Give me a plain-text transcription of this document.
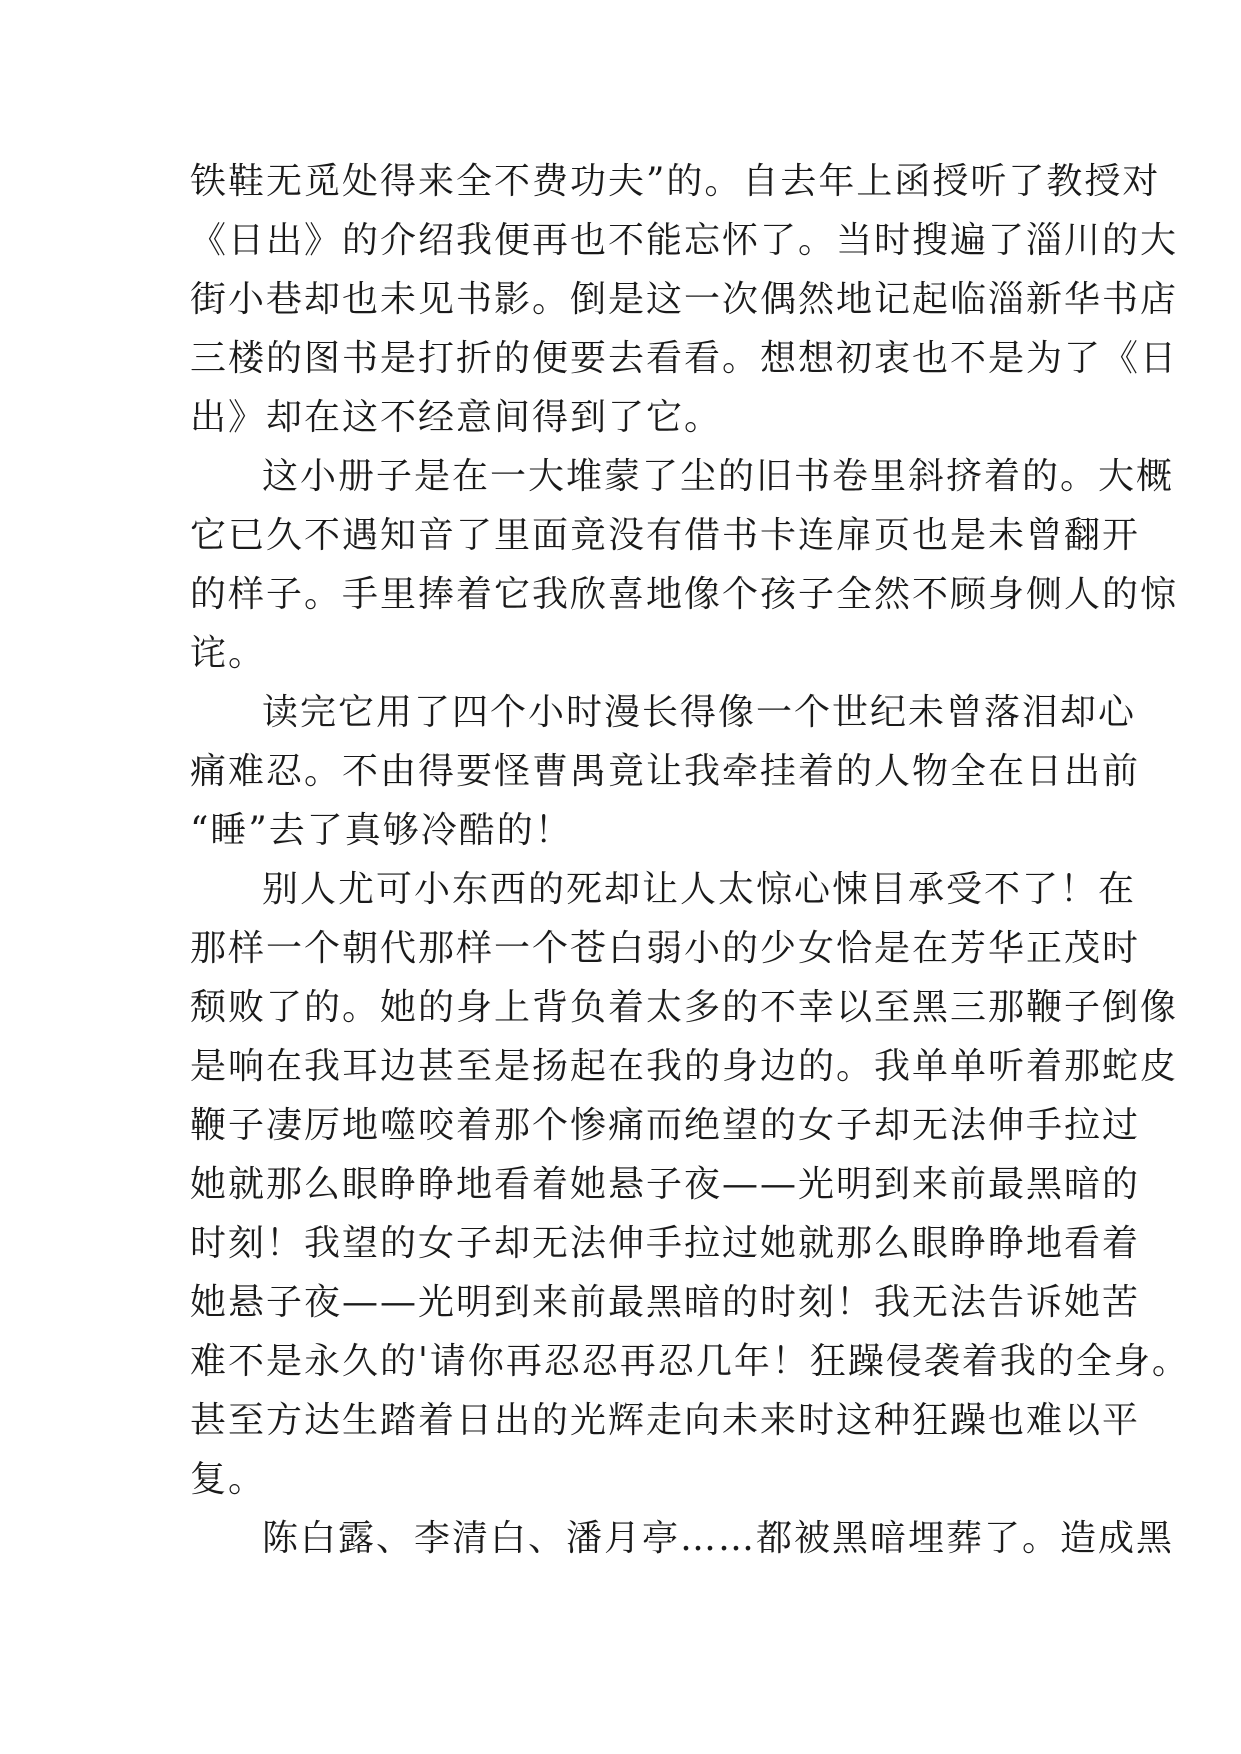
铁鞋无觅处得来全不费功夫”的。自去年上函授听了教授对
《日出》的介绍我便再也不能忘怀了。当时搜遍了淄川的大
街小巷却也未见书影。倒是这一次偶然地记起临淄新华书店
三楼的图书是打折的便要去看看。想想初衷也不是为了《日
出》却在这不经意间得到了它。
这小册子是在一大堆蒙了尘的旧书卷里斜挤着的。大概
它已久不遇知音了里面竟没有借书卡连扉页也是未曾翻开
的样子。手里捧着它我欣喜地像个孩子全然不顾身侧人的惊
诧。
读完它用了四个小时漫长得像一个世纪未曾落泪却心
痛难忍。不由得要怪曹禺竟让我牵挂着的人物全在日出前
“睡”去了真够冷酷的！
别人尤可小东西的死却让人太惊心悚目承受不了！在
那样一个朝代那样一个苍白弱小的少女恰是在芳华正茂时
颓败了的。她的身上背负着太多的不幸以至黑三那鞭子倒像
是响在我耳边甚至是扬起在我的身边的。我单单听着那蛇皮
鞭子凄厉地噬咬着那个惨痛而绝望的女子却无法伸手拉过
她就那么眼睁睁地看着她悬子夜——光明到来前最黑暗的
时刻！我望的女子却无法伸手拉过她就那么眼睁睁地看着
她悬子夜——光明到来前最黑暗的时刻！我无法告诉她苦
难不是永久的'请你再忍忍再忍几年！狂躁侵袭着我的全身。
甚至方达生踏着日出的光辉走向未来时这种狂躁也难以平
复。
陈白露、李清白、潘月亭……都被黑暗埋葬了。造成黑
